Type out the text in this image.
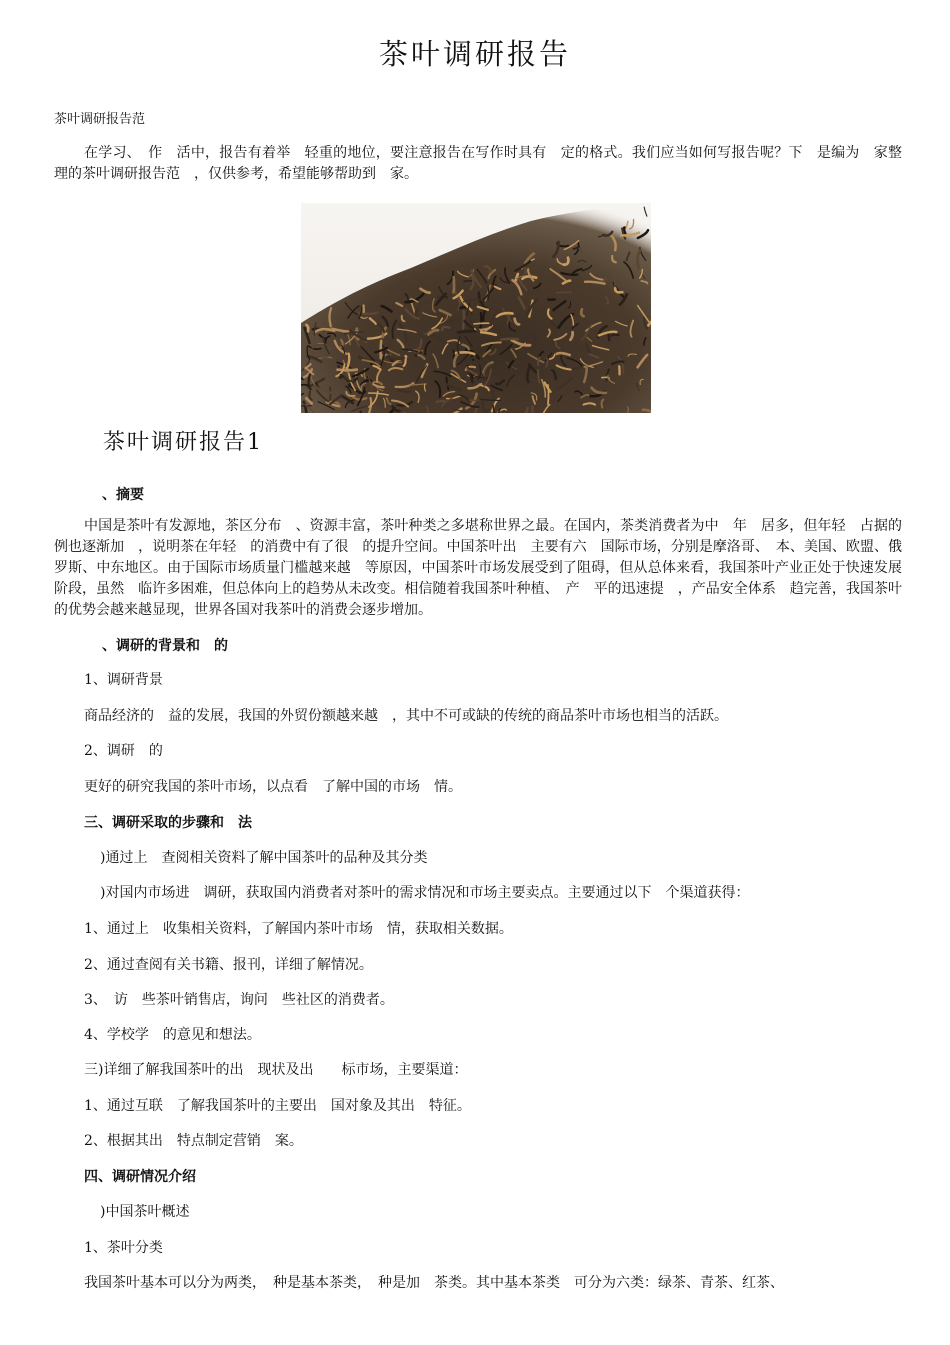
茶叶调研报告
茶叶调研报告范

在学习、　作　活中，报告有着举　轻重的地位，要注意报告在写作时具有　定的格式。我们应当如何写报告呢？下　是编为　家整理的茶叶调研报告范　，仅供参考，希望能够帮助到　家。

茶叶调研报告1
、摘要

中国是茶叶有发源地，茶区分布　、资源丰富，茶叶种类之多堪称世界之最。在国内，茶类消费者为中　年　居多，但年轻　占据的　例也逐渐加　，说明茶在年轻　的消费中有了很　的提升空间。中国茶叶出　主要有六　国际市场，分别是摩洛哥、　本、美国、欧盟、俄罗斯、中东地区。由于国际市场质量门槛越来越　等原因，中国茶叶市场发展受到了阻碍，但从总体来看，我国茶叶产业正处于快速发展阶段，虽然　临许多困难，但总体向上的趋势从未改变。相信随着我国茶叶种植、　产　平的迅速提　，产品安全体系　趋完善，我国茶叶的优势会越来越显现，世界各国对我茶叶的消费会逐步增加。

、调研的背景和　的
1、调研背景
商品经济的　益的发展，我国的外贸份额越来越　，其中不可或缺的传统的商品茶叶市场也相当的活跃。
2、调研　的
更好的研究我国的茶叶市场，以点看　了解中国的市场　情。
三、调研采取的步骤和　法
)通过上　查阅相关资料了解中国茶叶的品种及其分类
)对国内市场进　调研，获取国内消费者对茶叶的需求情况和市场主要卖点。主要通过以下　个渠道获得：
1、通过上　收集相关资料，了解国内茶叶市场　情，获取相关数据。
2、通过查阅有关书籍、报刊，详细了解情况。
3、　访　些茶叶销售店，询问　些社区的消费者。
4、学校学　的意见和想法。
三)详细了解我国茶叶的出　现状及出　　标市场，主要渠道：
1、通过互联　了解我国茶叶的主要出　国对象及其出　特征。
2、根据其出　特点制定营销　案。
四、调研情况介绍
)中国茶叶概述
1、茶叶分类
我国茶叶基本可以分为两类，　种是基本茶类，　种是加　茶类。其中基本茶类　可分为六类：绿茶、青茶、红茶、
